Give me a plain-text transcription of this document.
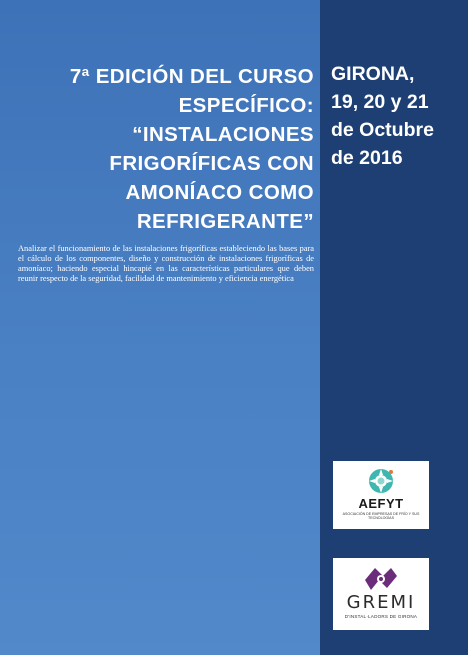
7ª EDICIÓN DEL CURSO
ESPECÍFICO:
“INSTALACIONES
FRIGORÍFICAS CON
AMONÍACO COMO
REFRIGERANTE”

Analizar el funcionamiento de las instalaciones frigoríficas estableciendo las bases para el cálculo de los componentes, diseño y construcción de instalaciones frigoríficas de amoníaco; haciendo especial hincapié en las características particulares que deben reunir respecto de la seguridad, facilidad de mantenimiento y eficiencia energética

GIRONA,
19, 20 y 21
de Octubre
de 2016
AEFYT
ASOCIACIÓN DE EMPRESAS DE FRÍO Y SUS TECNOLOGÍAS
GREMI
D'INSTAL·LADORS DE GIRONA
